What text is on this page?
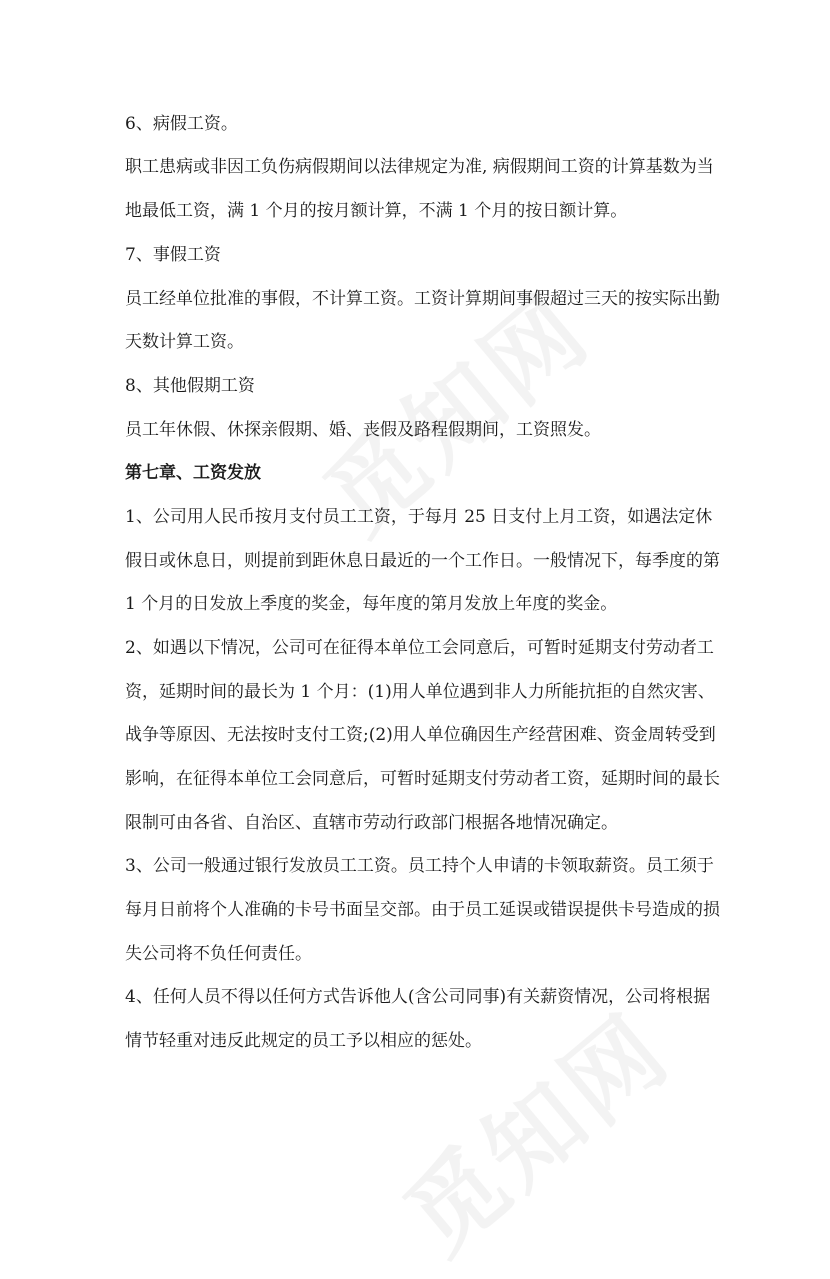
6、病假工资。
职工患病或非因工负伤病假期间以法律规定为准, 病假期间工资的计算基数为当
地最低工资，满 1 个月的按月额计算，不满 1 个月的按日额计算。
7、事假工资
员工经单位批准的事假，不计算工资。工资计算期间事假超过三天的按实际出勤
天数计算工资。
8、其他假期工资
员工年休假、休探亲假期、婚、丧假及路程假期间，工资照发。
第七章、工资发放
1、公司用人民币按月支付员工工资，于每月 25 日支付上月工资，如遇法定休
假日或休息日，则提前到距休息日最近的一个工作日。一般情况下，每季度的第
1 个月的日发放上季度的奖金，每年度的第月发放上年度的奖金。
2、如遇以下情况，公司可在征得本单位工会同意后，可暂时延期支付劳动者工
资，延期时间的最长为 1 个月：(1)用人单位遇到非人力所能抗拒的自然灾害、
战争等原因、无法按时支付工资;(2)用人单位确因生产经营困难、资金周转受到
影响，在征得本单位工会同意后，可暂时延期支付劳动者工资，延期时间的最长
限制可由各省、自治区、直辖市劳动行政部门根据各地情况确定。
3、公司一般通过银行发放员工工资。员工持个人申请的卡领取薪资。员工须于
每月日前将个人准确的卡号书面呈交部。由于员工延误或错误提供卡号造成的损
失公司将不负任何责任。
4、任何人员不得以任何方式告诉他人(含公司同事)有关薪资情况，公司将根据
情节轻重对违反此规定的员工予以相应的惩处。
